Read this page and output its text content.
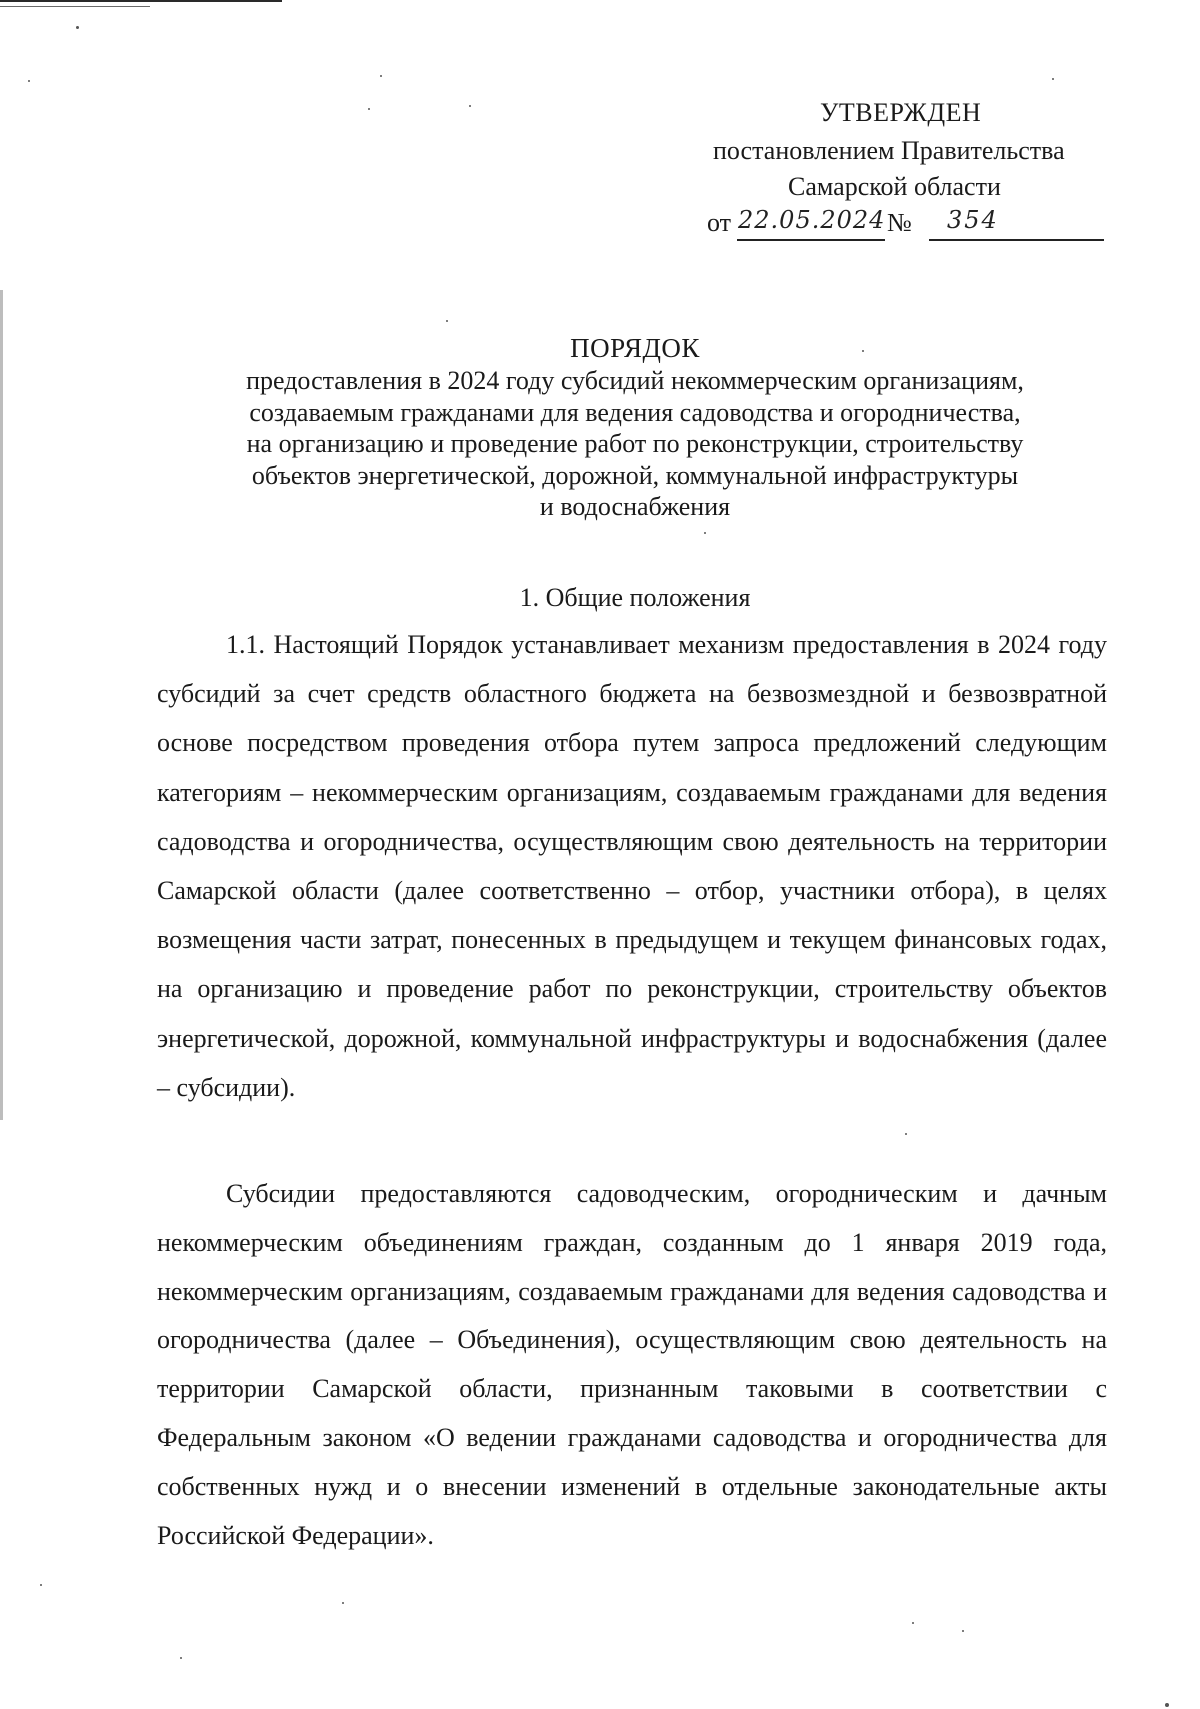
УТВЕРЖДЕН
постановлением Правительства
Самарской области
от 22.05.2024 № 354
ПОРЯДОК
предоставления в 2024 году субсидий некоммерческим организациям,
создаваемым гражданами для ведения садоводства и огородничества,
на организацию и проведение работ по реконструкции, строительству
объектов энергетической, дорожной, коммунальной инфраструктуры
и водоснабжения
1. Общие положения

1.1. Настоящий Порядок устанавливает механизм предоставления в 2024 году субсидий за счет средств областного бюджета на безвозмездной и безвозвратной основе посредством проведения отбора путем запроса предложений следующим категориям – некоммерческим организациям, создаваемым гражданами для ведения садоводства и огородничества, осуществляющим свою деятельность на территории Самарской области (далее соответственно – отбор, участники отбора), в целях возмещения части затрат, понесенных в предыдущем и текущем финансовых годах, на организацию и проведение работ по реконструкции, строительству объектов энергетической, дорожной, коммунальной инфраструктуры и водоснабжения (далее – субсидии).

Субсидии предоставляются садоводческим, огородническим и дачным некоммерческим объединениям граждан, созданным до 1 января 2019 года, некоммерческим организациям, создаваемым гражданами для ведения садоводства и огородничества (далее – Объединения), осуществляющим свою деятельность на территории Самарской области, признанным таковыми в соответствии с Федеральным законом «О ведении гражданами садоводства и огородничества для собственных нужд и о внесении изменений в отдельные законодательные акты Российской Федерации».
